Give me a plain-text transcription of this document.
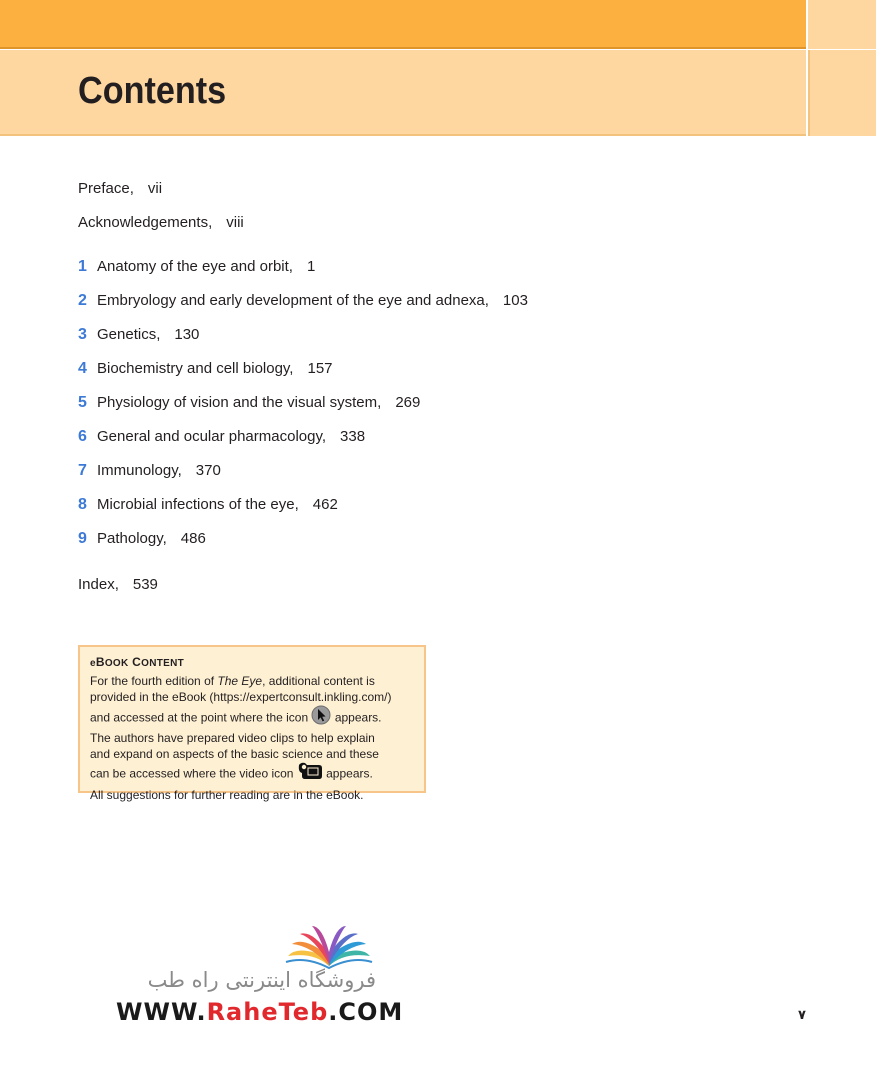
Contents
Preface, vii
Acknowledgements, viii
1 Anatomy of the eye and orbit, 1
2 Embryology and early development of the eye and adnexa, 103
3 Genetics, 130
4 Biochemistry and cell biology, 157
5 Physiology of vision and the visual system, 269
6 General and ocular pharmacology, 338
7 Immunology, 370
8 Microbial infections of the eye, 462
9 Pathology, 486
Index, 539
eBOOK CONTENT
For the fourth edition of The Eye, additional content is
provided in the eBook (https://expertconsult.inkling.com/)
and accessed at the point where the icon  appears.
The authors have prepared video clips to help explain
and expand on aspects of the basic science and these
can be accessed where the video icon  appears.
All suggestions for further reading are in the eBook.
فروشگاه اینترنتی راه طب
WWW.RaheTeb.COM	۷
